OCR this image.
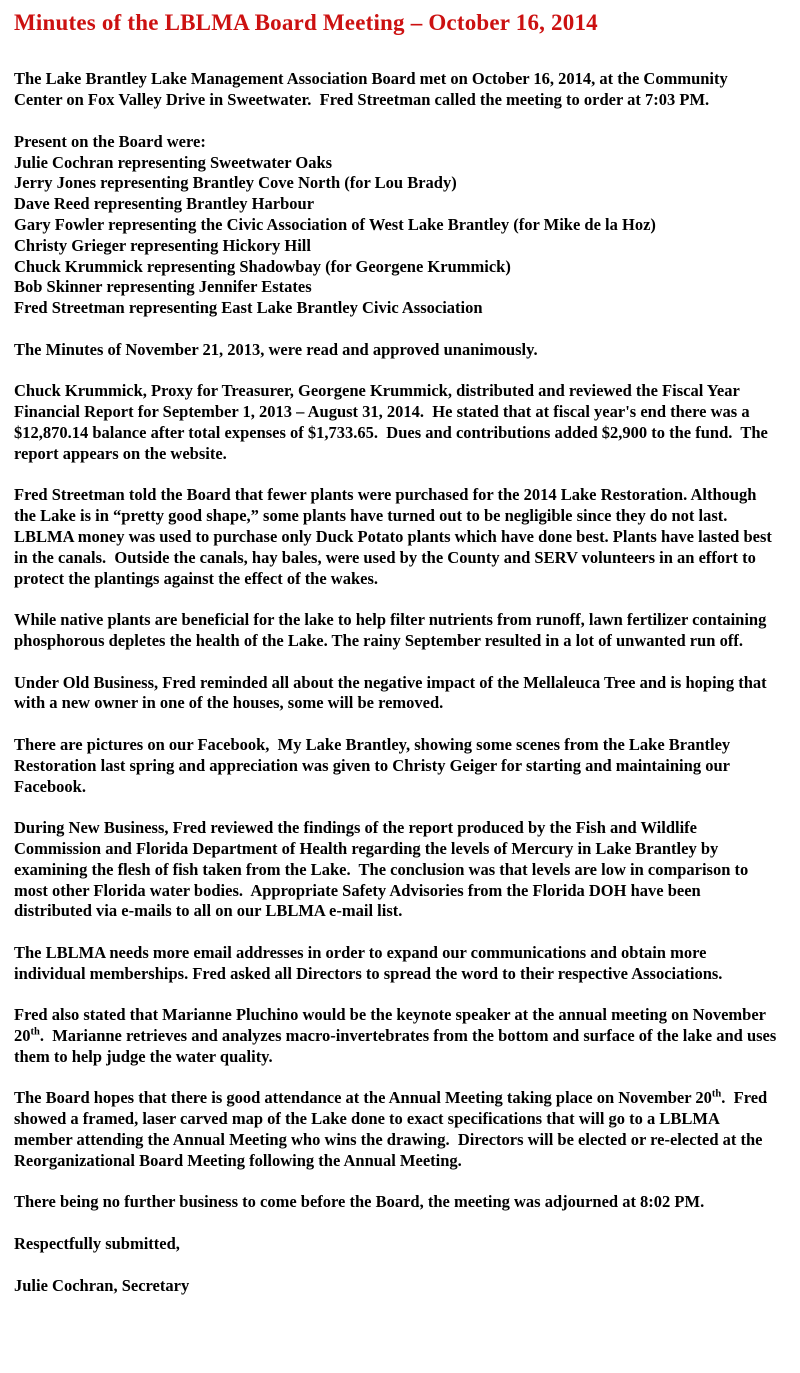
Minutes of the LBLMA Board Meeting – October 16, 2014

The Lake Brantley Lake Management Association Board met on October 16, 2014, at the Community Center on Fox Valley Drive in Sweetwater.  Fred Streetman called the meeting to order at 7:03 PM.

Present on the Board were:
Julie Cochran representing Sweetwater Oaks
Jerry Jones representing Brantley Cove North (for Lou Brady)
Dave Reed representing Brantley Harbour
Gary Fowler representing the Civic Association of West Lake Brantley (for Mike de la Hoz)
Christy Grieger representing Hickory Hill
Chuck Krummick representing Shadowbay (for Georgene Krummick)
Bob Skinner representing Jennifer Estates
Fred Streetman representing East Lake Brantley Civic Association

The Minutes of November 21, 2013, were read and approved unanimously.

Chuck Krummick, Proxy for Treasurer, Georgene Krummick, distributed and reviewed the Fiscal Year Financial Report for September 1, 2013 – August 31, 2014.  He stated that at fiscal year's end there was a  $12,870.14 balance after total expenses of $1,733.65.  Dues and contributions added $2,900 to the fund.  The report appears on the website.

Fred Streetman told the Board that fewer plants were purchased for the 2014 Lake Restoration. Although the Lake is in “pretty good shape,” some plants have turned out to be negligible since they do not last.  LBLMA money was used to purchase only Duck Potato plants which have done best. Plants have lasted best in the canals.  Outside the canals, hay bales, were used by the County and SERV volunteers in an effort to  protect the plantings against the effect of the wakes.

While native plants are beneficial for the lake to help filter nutrients from runoff, lawn fertilizer containing phosphorous depletes the health of the Lake. The rainy September resulted in a lot of unwanted run off.

Under Old Business, Fred reminded all about the negative impact of the Mellaleuca Tree and is hoping that with a new owner in one of the houses, some will be removed.

There are pictures on our Facebook,  My Lake Brantley, showing some scenes from the Lake Brantley Restoration last spring and appreciation was given to Christy Geiger for starting and maintaining our Facebook.

During New Business, Fred reviewed the findings of the report produced by the Fish and Wildlife Commission and Florida Department of Health regarding the levels of Mercury in Lake Brantley by examining the flesh of fish taken from the Lake.  The conclusion was that levels are low in comparison to most other Florida water bodies.  Appropriate Safety Advisories from the Florida DOH have been distributed via e-mails to all on our LBLMA e-mail list.

The LBLMA needs more email addresses in order to expand our communications and obtain more individual memberships. Fred asked all Directors to spread the word to their respective Associations.

Fred also stated that Marianne Pluchino would be the keynote speaker at the annual meeting on November 20th.  Marianne retrieves and analyzes macro-invertebrates from the bottom and surface of the lake and uses them to help judge the water quality.

The Board hopes that there is good attendance at the Annual Meeting taking place on November 20th.  Fred showed a framed, laser carved map of the Lake done to exact specifications that will go to a LBLMA member attending the Annual Meeting who wins the drawing.  Directors will be elected or re-elected at the Reorganizational Board Meeting following the Annual Meeting.

There being no further business to come before the Board, the meeting was adjourned at 8:02 PM.

Respectfully submitted,

Julie Cochran, Secretary
